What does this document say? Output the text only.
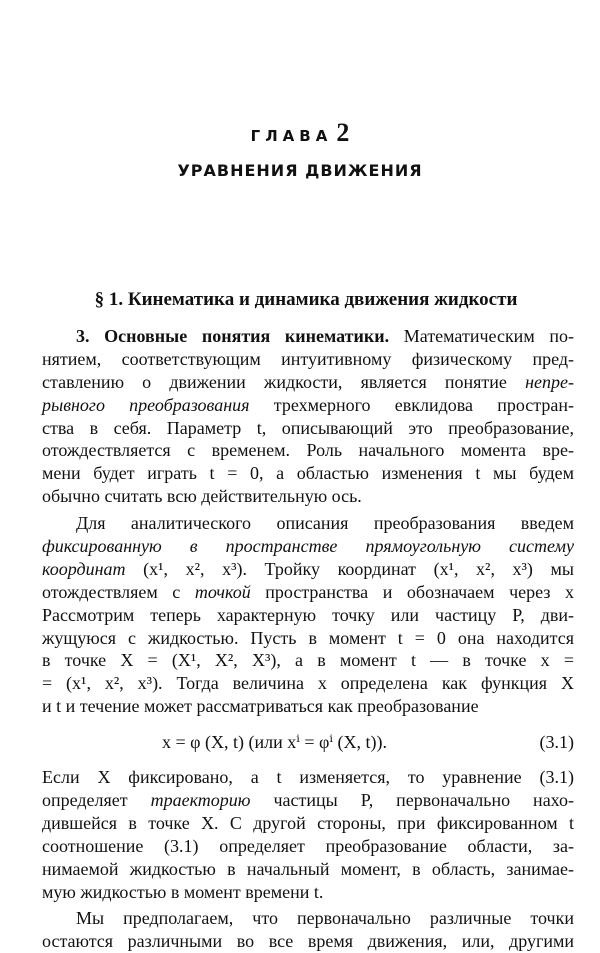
ГЛАВА 2
УРАВНЕНИЯ ДВИЖЕНИЯ
§ 1. Кинематика и динамика движения жидкости
3. Основные понятия кинематики. Математическим по-
нятием, соответствующим интуитивному физическому пред-
ставлению о движении жидкости, является понятие непре-
рывного преобразования трехмерного евклидова простран-
ства в себя. Параметр t, описывающий это преобразование,
отождествляется с временем. Роль начального момента вре-
мени будет играть t = 0, а областью изменения t мы будем
обычно считать всю действительную ось.
Для аналитического описания преобразования введем
фиксированную в пространстве прямоугольную систему
координат (x¹, x², x³). Тройку координат (x¹, x², x³) мы
отождествляем с точкой пространства и обозначаем через x
Рассмотрим теперь характерную точку или частицу P, дви-
жущуюся с жидкостью. Пусть в момент t = 0 она находится
в точке X = (X¹, X², X³), а в момент t — в точке x =
= (x¹, x², x³). Тогда величина x определена как функция X
и t и течение может рассматриваться как преобразование
x = φ (X, t) (или xⁱ = φⁱ (X, t)).	(3.1)
Если X фиксировано, а t изменяется, то уравнение (3.1)
определяет траекторию частицы P, первоначально нахо-
дившейся в точке X. С другой стороны, при фиксированном t
соотношение (3.1) определяет преобразование области, за-
нимаемой жидкостью в начальный момент, в область, занимае-
мую жидкостью в момент времени t.
Мы предполагаем, что первоначально различные точки
остаются различными во все время движения, или, другими
